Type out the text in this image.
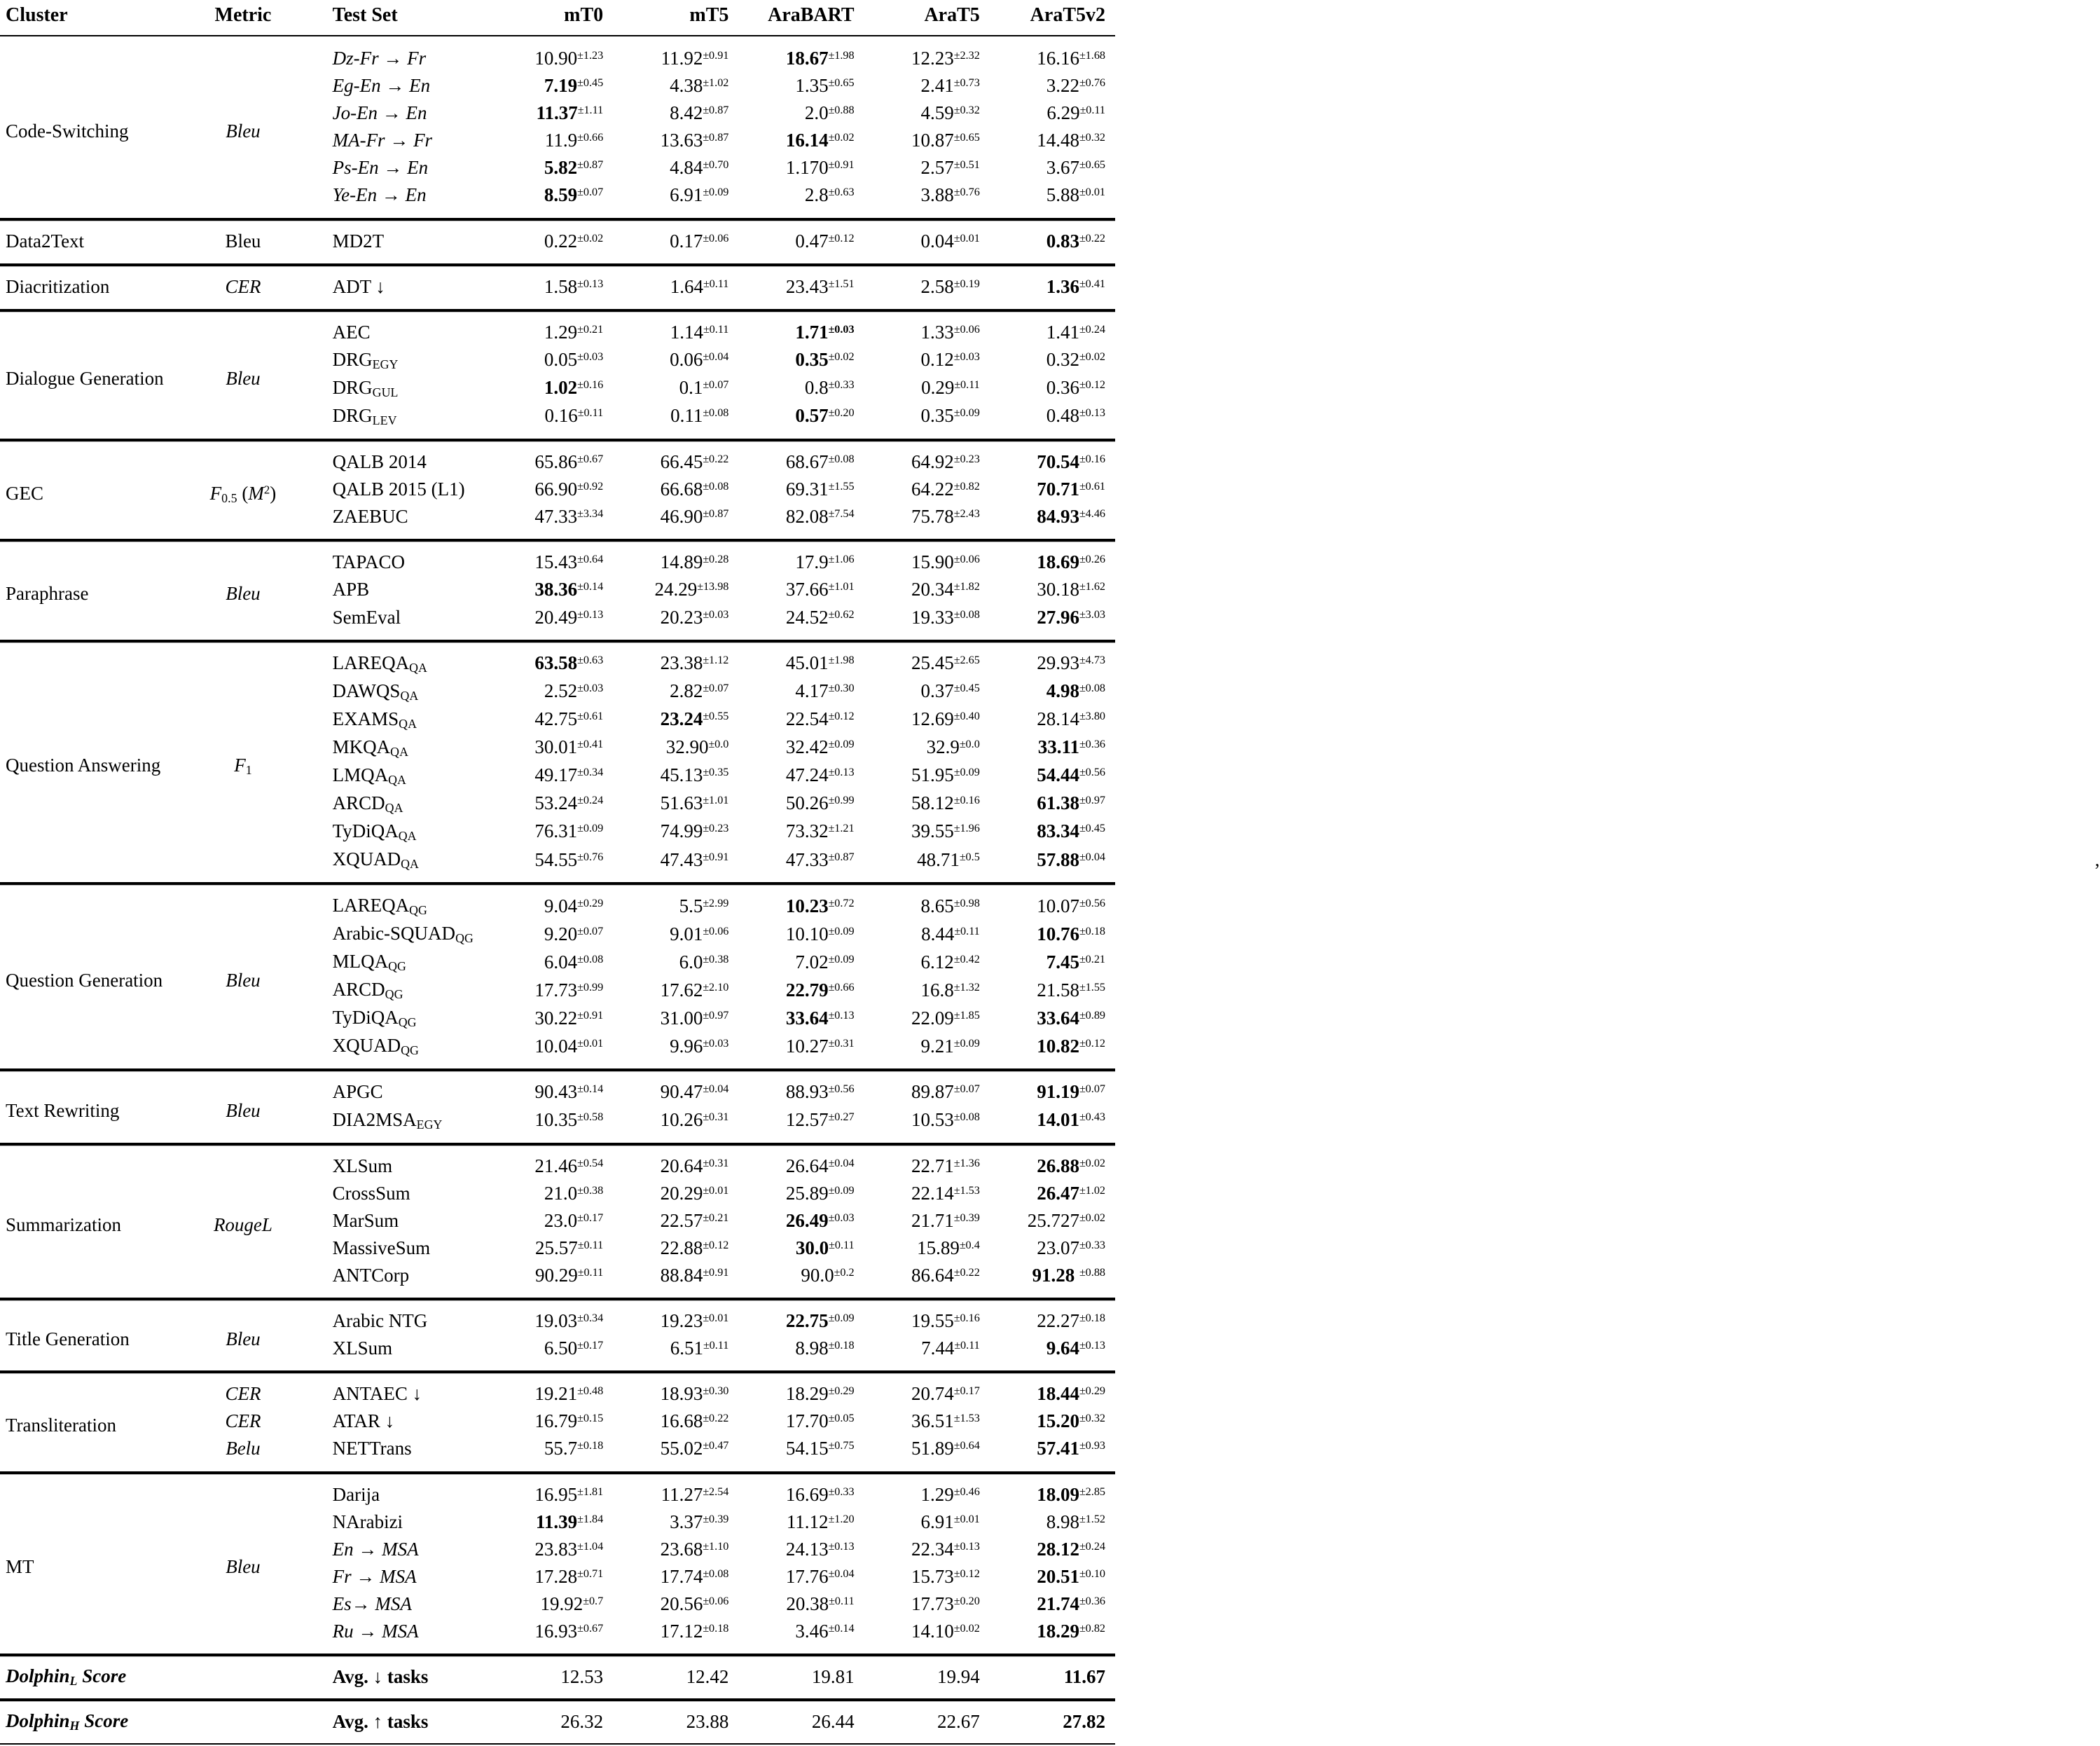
Cluster	Metric	Test Set	mT0	mT5	AraBART	AraT5	AraT5v2
Code-Switching	Bleu	Dz-Fr → Fr	$10.90^{\pm 1.23}$	$11.92^{\pm 0.91}$	$18.67^{\pm 1.98}$	$12.23^{\pm 2.32}$	$16.16^{\pm 1.68}$
		Eg-En → En	$7.19^{\pm 0.45}$	$4.38^{\pm 1.02}$	$1.35^{\pm 0.65}$	$2.41^{\pm 0.73}$	$3.22^{\pm 0.76}$
		Jo-En → En	$11.37^{\pm 1.11}$	$8.42^{\pm 0.87}$	$2.0^{\pm 0.88}$	$4.59^{\pm 0.32}$	$6.29^{\pm 0.11}$
		MA-Fr → Fr	$11.9^{\pm 0.66}$	$13.63^{\pm 0.87}$	$16.14^{\pm 0.02}$	$10.87^{\pm 0.65}$	$14.48^{\pm 0.32}$
		Ps-En → En	$5.82^{\pm 0.87}$	$4.84^{\pm 0.70}$	$1.170^{\pm 0.91}$	$2.57^{\pm 0.51}$	$3.67^{\pm 0.65}$
		Ye-En → En	$8.59^{\pm 0.07}$	$6.91^{\pm 0.09}$	$2.8^{\pm 0.63}$	$3.88^{\pm 0.76}$	$5.88^{\pm 0.01}$
Data2Text	Bleu	MD2T	$0.22^{\pm 0.02}$	$0.17^{\pm 0.06}$	$0.47^{\pm 0.12}$	$0.04^{\pm 0.01}$	$0.83^{\pm 0.22}$
Diacritization	CER	ADT ↓	$1.58^{\pm 0.13}$	$1.64^{\pm 0.11}$	$23.43^{\pm 1.51}$	$2.58^{\pm 0.19}$	$1.36^{\pm 0.41}$
Dialogue Generation	Bleu	AEC	$1.29^{\pm 0.21}$	$1.14^{\pm 0.11}$	$1.71^{\pm 0.03}$	$1.33^{\pm 0.06}$	$1.41^{\pm 0.24}$
		$DRG_{EGY}$	$0.05^{\pm 0.03}$	$0.06^{\pm 0.04}$	$0.35^{\pm 0.02}$	$0.12^{\pm 0.03}$	$0.32^{\pm 0.02}$
		$DRG_{GUL}$	$1.02^{\pm 0.16}$	$0.1^{\pm 0.07}$	$0.8^{\pm 0.33}$	$0.29^{\pm 0.11}$	$0.36^{\pm 0.12}$
		$DRG_{LEV}$	$0.16^{\pm 0.11}$	$0.11^{\pm 0.08}$	$0.57^{\pm 0.20}$	$0.35^{\pm 0.09}$	$0.48^{\pm 0.13}$
GEC	$F_{0.5}$ $(M^2)$	QALB 2014	$65.86^{\pm 0.67}$	$66.45^{\pm 0.22}$	$68.67^{\pm 0.08}$	$64.92^{\pm 0.23}$	$70.54^{\pm 0.16}$
		QALB 2015 (L1)	$66.90^{\pm 0.92}$	$66.68^{\pm 0.08}$	$69.31^{\pm 1.55}$	$64.22^{\pm 0.82}$	$70.71^{\pm 0.61}$
		ZAEBUC	$47.33^{\pm 3.34}$	$46.90^{\pm 0.87}$	$82.08^{\pm 7.54}$	$75.78^{\pm 2.43}$	$84.93^{\pm 4.46}$
Paraphrase	Bleu	TAPACO	$15.43^{\pm 0.64}$	$14.89^{\pm 0.28}$	$17.9^{\pm 1.06}$	$15.90^{\pm 0.06}$	$18.69^{\pm 0.26}$
		APB	$38.36^{\pm 0.14}$	$24.29^{\pm 13.98}$	$37.66^{\pm 1.01}$	$20.34^{\pm 1.82}$	$30.18^{\pm 1.62}$
		SemEval	$20.49^{\pm 0.13}$	$20.23^{\pm 0.03}$	$24.52^{\pm 0.62}$	$19.33^{\pm 0.08}$	$27.96^{\pm 3.03}$
Question Answering	$F_1$	$LAREQA_{QA}$	$63.58^{\pm 0.63}$	$23.38^{\pm 1.12}$	$45.01^{\pm 1.98}$	$25.45^{\pm 2.65}$	$29.93^{\pm 4.73}$
		$DAWQS_{QA}$	$2.52^{\pm 0.03}$	$2.82^{\pm 0.07}$	$4.17^{\pm 0.30}$	$0.37^{\pm 0.45}$	$4.98^{\pm 0.08}$
		$EXAMS_{QA}$	$42.75^{\pm 0.61}$	$23.24^{\pm 0.55}$	$22.54^{\pm 0.12}$	$12.69^{\pm 0.40}$	$28.14^{\pm 3.80}$
		$MKQA_{QA}$	$30.01^{\pm 0.41}$	$32.90^{\pm 0.0}$	$32.42^{\pm 0.09}$	$32.9^{\pm 0.0}$	$33.11^{\pm 0.36}$
		$LMQA_{QA}$	$49.17^{\pm 0.34}$	$45.13^{\pm 0.35}$	$47.24^{\pm 0.13}$	$51.95^{\pm 0.09}$	$54.44^{\pm 0.56}$
		$ARCD_{QA}$	$53.24^{\pm 0.24}$	$51.63^{\pm 1.01}$	$50.26^{\pm 0.99}$	$58.12^{\pm 0.16}$	$61.38^{\pm 0.97}$
		TyDiQA$_{QA}$	$76.31^{\pm 0.09}$	$74.99^{\pm 0.23}$	$73.32^{\pm 1.21}$	$39.55^{\pm 1.96}$	$83.34^{\pm 0.45}$
		$XQUAD_{QA}$	$54.55^{\pm 0.76}$	$47.43^{\pm 0.91}$	$47.33^{\pm 0.87}$	$48.71^{\pm 0.5}$	$57.88^{\pm 0.04}$ ,

Question Generation	Bleu	$LAREQA_{QG}$	$9.04^{\pm 0.29}$	$5.5^{\pm 2.99}$	$10.23^{\pm 0.72}$	$8.65^{\pm 0.98}$	$10.07^{\pm 0.56}$
		Arabic-$SQUAD_{QG}$	$9.20^{\pm 0.07}$	$9.01^{\pm 0.06}$	$10.10^{\pm 0.09}$	$8.44^{\pm 0.11}$	$10.76^{\pm 0.18}$
		$MLQA_{QG}$	$6.04^{\pm 0.08}$	$6.0^{\pm 0.38}$	$7.02^{\pm 0.09}$	$6.12^{\pm 0.42}$	$7.45^{\pm 0.21}$
		$ARCD_{QG}$	$17.73^{\pm 0.99}$	$17.62^{\pm 2.10}$	$22.79^{\pm 0.66}$	$16.8^{\pm 1.32}$	$21.58^{\pm 1.55}$
		TyDiQA$_{QG}$	$30.22^{\pm 0.91}$	$31.00^{\pm 0.97}$	$33.64^{\pm 0.13}$	$22.09^{\pm 1.85}$	$33.64^{\pm 0.89}$
		$XQUAD_{QG}$	$10.04^{\pm 0.01}$	$9.96^{\pm 0.03}$	$10.27^{\pm 0.31}$	$9.21^{\pm 0.09}$	$10.82^{\pm 0.12}$
Text Rewriting	Bleu	APGC	$90.43^{\pm 0.14}$	$90.47^{\pm 0.04}$	$88.93^{\pm 0.56}$	$89.87^{\pm 0.07}$	$91.19^{\pm 0.07}$
		$DIA2MSA_{EGY}$	$10.35^{\pm 0.58}$	$10.26^{\pm 0.31}$	$12.57^{\pm 0.27}$	$10.53^{\pm 0.08}$	$14.01^{\pm 0.43}$
Summarization	RougeL	XLSum	$21.46^{\pm 0.54}$	$20.64^{\pm 0.31}$	$26.64^{\pm 0.04}$	$22.71^{\pm 1.36}$	$26.88^{\pm 0.02}$
		CrossSum	$21.0^{\pm 0.38}$	$20.29^{\pm 0.01}$	$25.89^{\pm 0.09}$	$22.14^{\pm 1.53}$	$26.47^{\pm 1.02}$
		MarSum	$23.0^{\pm 0.17}$	$22.57^{\pm 0.21}$	$26.49^{\pm 0.03}$	$21.71^{\pm 0.39}$	$25.727^{\pm 0.02}$
		MassiveSum	$25.57^{\pm 0.11}$	$22.88^{\pm 0.12}$	$30.0^{\pm 0.11}$	$15.89^{\pm 0.4}$	$23.07^{\pm 0.33}$
		ANTCorp	$90.29^{\pm 0.11}$	$88.84^{\pm 0.91}$	$90.0^{\pm 0.2}$	$86.64^{\pm 0.22}$	91.28 $^{\pm 0.88}$
Title Generation	Bleu	Arabic NTG	$19.03^{\pm 0.34}$	$19.23^{\pm 0.01}$	$22.75^{\pm 0.09}$	$19.55^{\pm 0.16}$	$22.27^{\pm 0.18}$
		XLSum	$6.50^{\pm 0.17}$	$6.51^{\pm 0.11}$	$8.98^{\pm 0.18}$	$7.44^{\pm 0.11}$	$9.64^{\pm 0.13}$
Transliteration	CER	ANTAEC ↓	$19.21^{\pm 0.48}$	$18.93^{\pm 0.30}$	$18.29^{\pm 0.29}$	$20.74^{\pm 0.17}$	$18.44^{\pm 0.29}$
	CER	ATAR ↓	$16.79^{\pm 0.15}$	$16.68^{\pm 0.22}$	$17.70^{\pm 0.05}$	$36.51^{\pm 1.53}$	$15.20^{\pm 0.32}$
	Belu	NETTrans	$55.7^{\pm 0.18}$	$55.02^{\pm 0.47}$	$54.15^{\pm 0.75}$	$51.89^{\pm 0.64}$	$57.41^{\pm 0.93}$
MT	Bleu	Darija	$16.95^{\pm 1.81}$	$11.27^{\pm 2.54}$	$16.69^{\pm 0.33}$	$1.29^{\pm 0.46}$	$18.09^{\pm 2.85}$
		NArabizi	$11.39^{\pm 1.84}$	$3.37^{\pm 0.39}$	$11.12^{\pm 1.20}$	$6.91^{\pm 0.01}$	$8.98^{\pm 1.52}$
		En → MSA	$23.83^{\pm 1.04}$	$23.68^{\pm 1.10}$	$24.13^{\pm 0.13}$	$22.34^{\pm 0.13}$	$28.12^{\pm 0.24}$
		Fr → MSA	$17.28^{\pm 0.71}$	$17.74^{\pm 0.08}$	$17.76^{\pm 0.04}$	$15.73^{\pm 0.12}$	$20.51^{\pm 0.10}$
		Es→ MSA	$19.92^{\pm 0.7}$	$20.56^{\pm 0.06}$	$20.38^{\pm 0.11}$	$17.73^{\pm 0.20}$	$21.74^{\pm 0.36}$
		Ru → MSA	$16.93^{\pm 0.67}$	$17.12^{\pm 0.18}$	$3.46^{\pm 0.14}$	$14.10^{\pm 0.02}$	$18.29^{\pm 0.82}$
Dolphin$_L$ Score		Avg. ↓ tasks	12.53	12.42	19.81	19.94	11.67
Dolphin$_H$ Score		Avg. ↑ tasks	26.32	23.88	26.44	22.67	27.82
